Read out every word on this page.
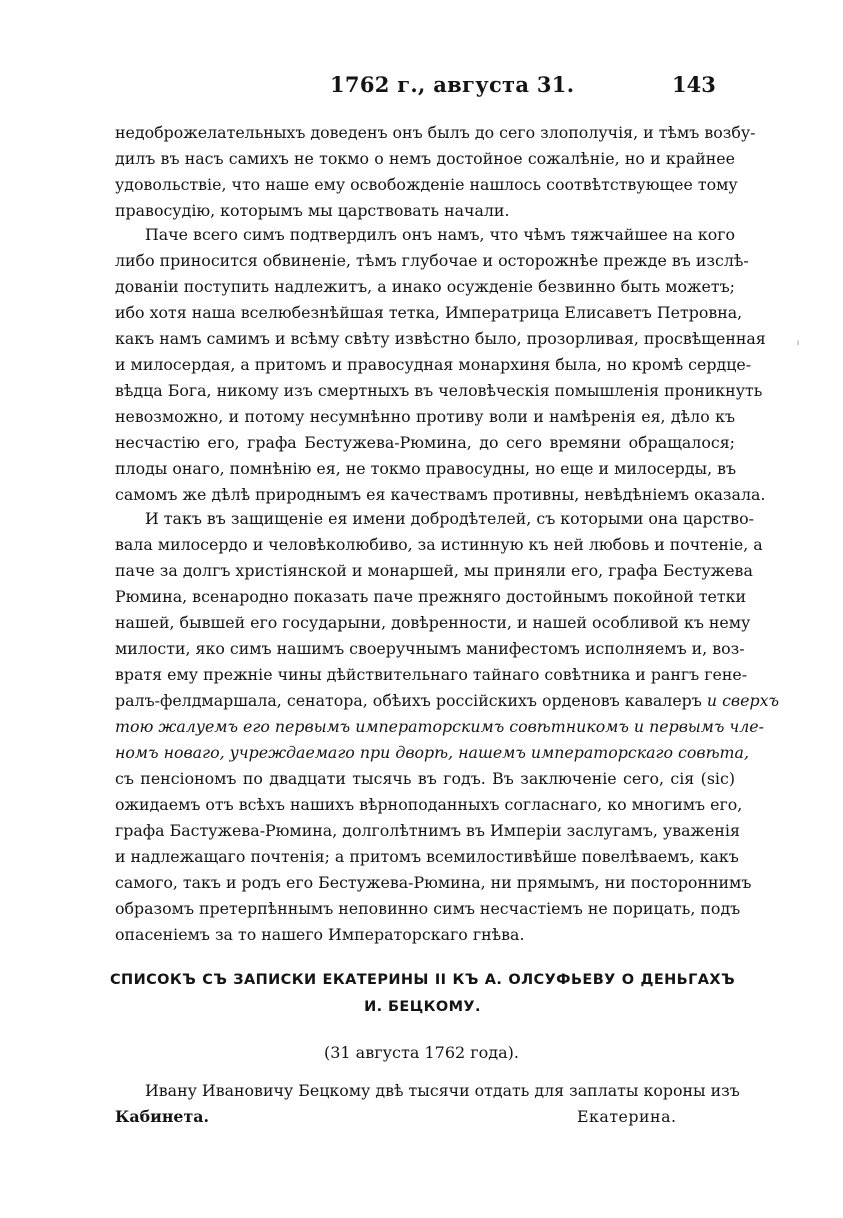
1762 г., августа 31.	143
недоброжелательныхъ доведенъ онъ былъ до сего злополучія, и тѣмъ возбу-
дилъ въ насъ самихъ не токмо о немъ достойное сожалѣніе, но и крайнее
удовольствіе, что наше ему освобожденіе нашлось соотвѣтствующее тому
правосудію, которымъ мы царствовать начали.
Паче всего симъ подтвердилъ онъ намъ, что чѣмъ тяжчайшее на кого
либо приносится обвиненіе, тѣмъ глубочае и осторожнѣе прежде въ изслѣ-
дованіи поступить надлежитъ, а инако осужденіе безвинно быть можетъ;
ибо хотя наша вселюбезнѣйшая тетка, Императрица Елисаветъ Петровна,
какъ намъ самимъ и всѣму свѣту извѣстно было, прозорливая, просвѣщенная
и милосердая, а притомъ и правосудная монархиня была, но кромѣ сердце-
вѣдца Бога, никому изъ смертныхъ въ человѣческія помышленія проникнуть
невозможно, и потому несумнѣнно противу воли и намѣренія ея, дѣло къ
несчастію его, графа Бестужева-Рюмина, до сего времяни обращалося;
плоды онаго, помнѣнію ея, не токмо правосудны, но еще и милосерды, въ
самомъ же дѣлѣ природнымъ ея качествамъ противны, невѣдѣніемъ оказала.
И такъ въ защищеніе ея имени добродѣтелей, съ которыми она царство-
вала милосердо и человѣколюбиво, за истинную къ ней любовь и почтеніе, а
паче за долгъ христіянской и монаршей, мы приняли его, графа Бестужева
Рюмина, всенародно показать паче прежняго достойнымъ покойной тетки
нашей, бывшей его государыни, довѣренности, и нашей особливой къ нему
милости, яко симъ нашимъ своеручнымъ манифестомъ исполняемъ и, воз-
вратя ему прежніе чины дѣйствительнаго тайнаго совѣтника и рангъ гене-
ралъ-фелдмаршала, сенатора, обѣихъ россійскихъ орденовъ кавалеръ и сверхъ
тою жалуемъ его первымъ императорскимъ совѣтникомъ и первымъ чле-
номъ новаго, учреждаемаго при дворѣ, нашемъ императорскаго совѣта,
съ пенсіономъ по двадцати тысячь въ годъ. Въ заключеніе сего, сія (sic)
ожидаемъ отъ всѣхъ нашихъ вѣрноподанныхъ согласнаго, ко многимъ его,
графа Бастужева-Рюмина, долголѣтнимъ въ Имперіи заслугамъ, уваженія
и надлежащаго почтенія; а притомъ всемилостивѣйше повелѣваемъ, какъ
самого, такъ и родъ его Бестужева-Рюмина, ни прямымъ, ни постороннимъ
образомъ претерпѣннымъ неповинно симъ несчастіемъ не порицать, подъ
опасеніемъ за то нашего Императорскаго гнѣва.
СПИСОКЪ СЪ ЗАПИСКИ ЕКАТЕРИНЫ II КЪ А. ОЛСУФЬЕВУ О ДЕНЬГАХЪ
И. БЕЦКОМУ.
(31 августа 1762 года).
Ивану Ивановичу Бецкому двѣ тысячи отдать для заплаты короны изъ
Кабинета.	Екатерина.
ⁱ
